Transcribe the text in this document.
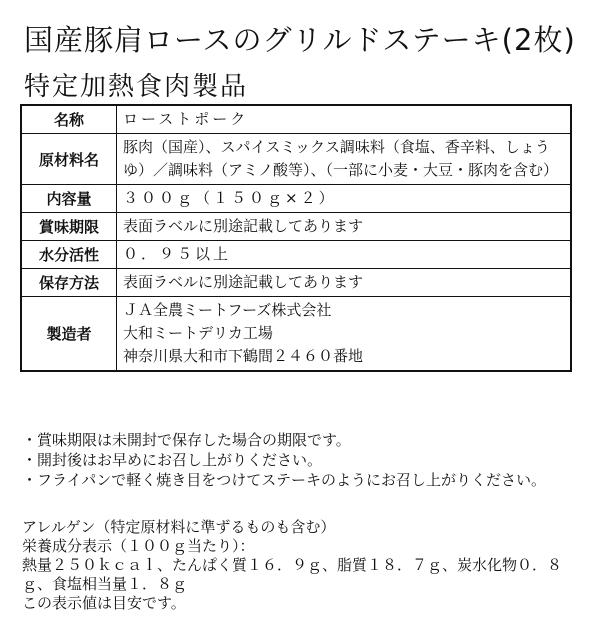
国産豚肩ロースのグリルドステーキ(2枚)
特定加熱食肉製品
名称	ローストポーク
原材料名	豚肉（国産）、スパイスミックス調味料（食塩、香辛料、しょうゆ）／調味料（アミノ酸等）、（一部に小麦・大豆・豚肉を含む）
内容量	３００ｇ（１５０ｇ×２）
賞味期限	表面ラベルに別途記載してあります
水分活性	０．９５以上
保存方法	表面ラベルに別途記載してあります
製造者	ＪＡ全農ミートフーズ株式会社
大和ミートデリカ工場
神奈川県大和市下鶴間２４６０番地
・賞味期限は未開封で保存した場合の期限です。
・開封後はお早めにお召し上がりください。
・フライパンで軽く焼き目をつけてステーキのようにお召し上がりください。
アレルゲン（特定原材料に準ずるものも含む）
栄養成分表示（１００ｇ当たり）：
熱量２５０ｋｃａｌ、たんぱく質１６．９ｇ、脂質１８．７ｇ、炭水化物０．８ｇ、食塩相当量１．８ｇ
この表示値は目安です。
